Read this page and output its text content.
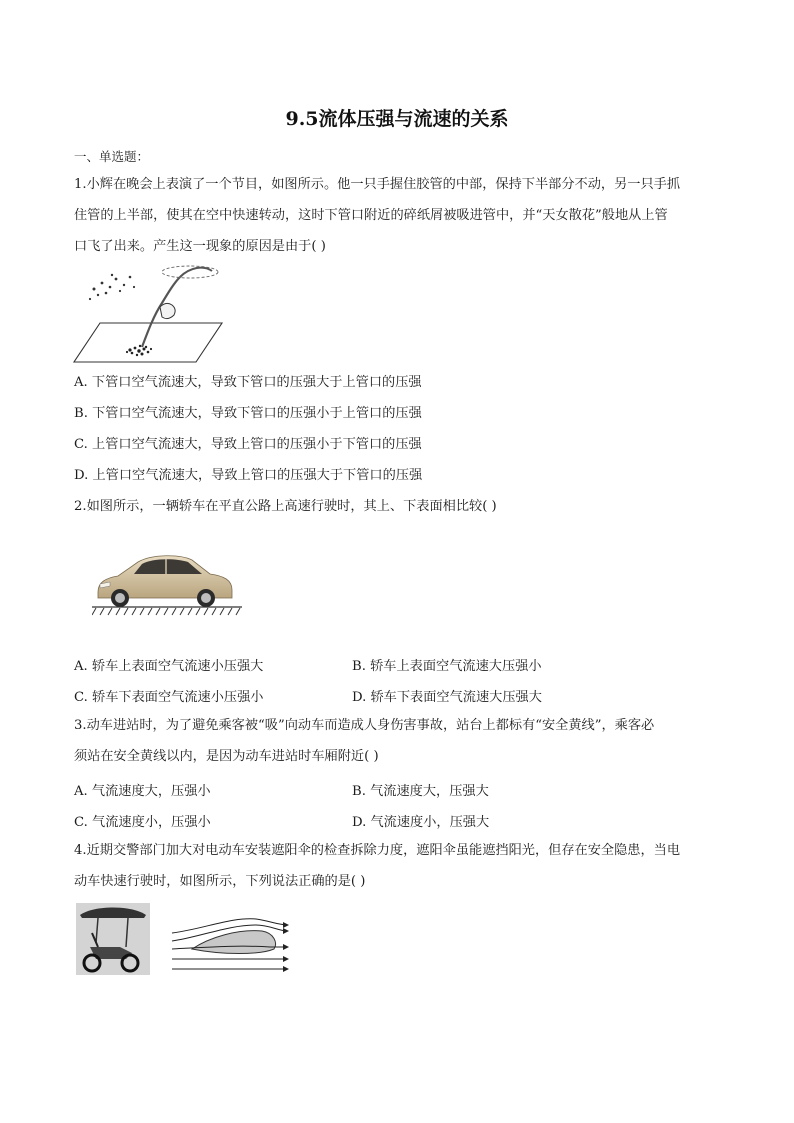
9.5流体压强与流速的关系
一、单选题：
1.小辉在晚会上表演了一个节目，如图所示。他一只手握住胶管的中部，保持下半部分不动，另一只手抓
住管的上半部，使其在空中快速转动，这时下管口附近的碎纸屑被吸进管中，并“天女散花”般地从上管
口飞了出来。产生这一现象的原因是由于( )
A. 下管口空气流速大，导致下管口的压强大于上管口的压强
B. 下管口空气流速大，导致下管口的压强小于上管口的压强
C. 上管口空气流速大，导致上管口的压强小于下管口的压强
D. 上管口空气流速大，导致上管口的压强大于下管口的压强
2.如图所示，一辆轿车在平直公路上高速行驶时，其上、下表面相比较( )
A. 轿车上表面空气流速小压强大	B. 轿车上表面空气流速大压强小
C. 轿车下表面空气流速小压强小	D. 轿车下表面空气流速大压强大
3.动车进站时，为了避免乘客被“吸”向动车而造成人身伤害事故，站台上都标有“安全黄线”，乘客必
须站在安全黄线以内，是因为动车进站时车厢附近( )
A. 气流速度大，压强小	B. 气流速度大，压强大
C. 气流速度小，压强小	D. 气流速度小，压强大
4.近期交警部门加大对电动车安装遮阳伞的检查拆除力度，遮阳伞虽能遮挡阳光，但存在安全隐患，当电
动车快速行驶时，如图所示，下列说法正确的是( )
